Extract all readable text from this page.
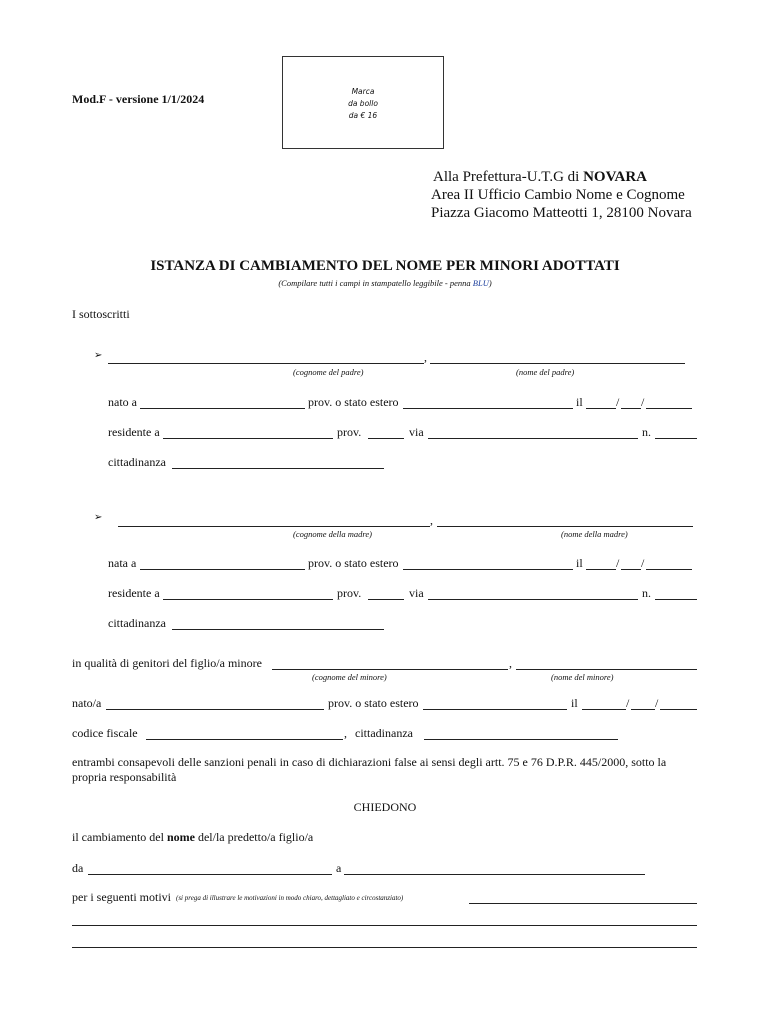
Mod.F - versione 1/1/2024
Marca
da bollo
da € 16
Alla Prefettura-U.T.G di NOVARA
Area II Ufficio Cambio Nome e Cognome
Piazza Giacomo Matteotti 1, 28100 Novara
ISTANZA DI CAMBIAMENTO DEL NOME PER MINORI ADOTTATI
(Compilare tutti i campi in stampatello leggibile - penna BLU)
I sottoscritti
➢	,
(cognome del padre)	(nome del padre)
nato a	prov. o stato estero	il	/ /
residente a	prov.	via	n.
cittadinanza
➢	,
(cognome della madre)	(nome della madre)
nata a	prov. o stato estero	il	/ /
residente a	prov.	via	n.
cittadinanza
in qualità di genitori del figlio/a minore	,
(cognome del minore)	(nome del minore)
nato/a	prov. o stato estero	il	/ /
codice fiscale	, cittadinanza
entrambi consapevoli delle sanzioni penali in caso di dichiarazioni false ai sensi degli artt. 75 e 76 D.P.R. 445/2000, sotto la
propria responsabilità
CHIEDONO
il cambiamento del nome del/la predetto/a figlio/a
da	a
per i seguenti motivi (si prega di illustrare le motivazioni in modo chiaro, dettagliato e circostanziato)
